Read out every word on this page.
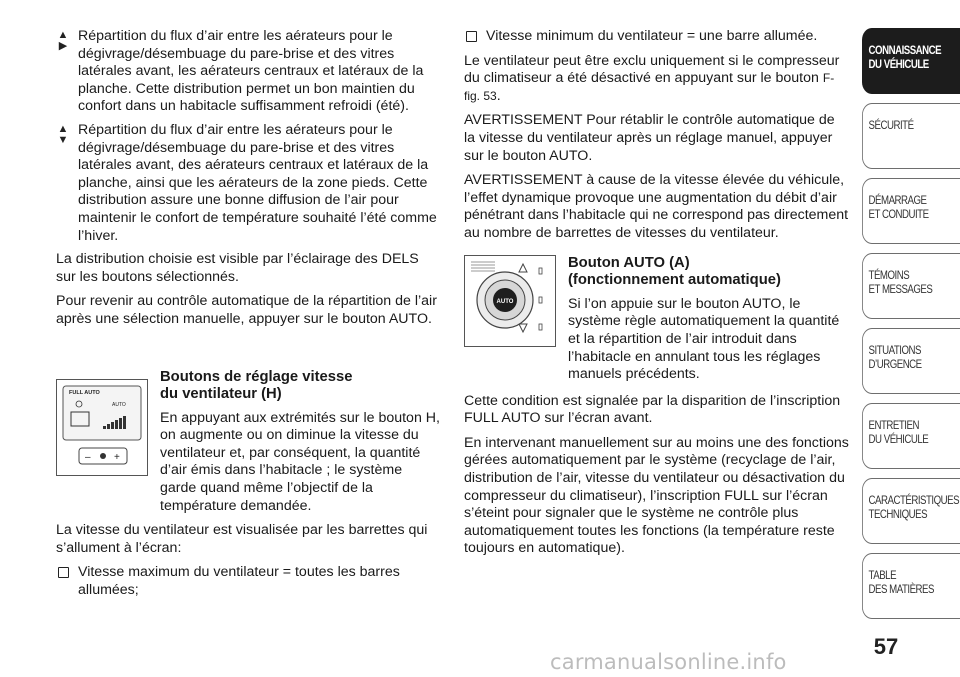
▲
▶
Répartition du flux d’air entre les aérateurs pour le dégivrage/désembuage du pare-brise et des vitres latérales avant, les aérateurs centraux et latéraux de la planche. Cette distribution permet un bon maintien du confort dans un habitacle suffisamment refroidi (été).
▲
▼
Répartition du flux d’air entre les aérateurs pour le dégivrage/désembuage du pare-brise et des vitres latérales avant, des aérateurs centraux et latéraux de la planche, ainsi que les aérateurs de la zone pieds. Cette distribution assure une bonne diffusion de l’air pour maintenir le confort de température souhaité l’été comme l’hiver.

La distribution choisie est visible par l’éclairage des DELS sur les boutons sélectionnés.

Pour revenir au contrôle automatique de la répartition de l’air après une sélection manuelle, appuyer sur le bouton AUTO.

FULL AUTO
AUTO
– +
Boutons de réglage vitesse
du ventilateur (H)

En appuyant aux extrémités sur le bouton H, on augmente ou on diminue la vitesse du ventilateur et, par conséquent, la quantité d’air émis dans l’habitacle ; le système garde quand même l’objectif de la température demandée.

La vitesse du ventilateur est visualisée par les barrettes qui s’allument à l’écran:

Vitesse maximum du ventilateur = toutes les barres allumées;
Vitesse minimum du ventilateur = une barre allumée.

Le ventilateur peut être exclu uniquement si le compresseur du climatiseur a été désactivé en appuyant sur le bouton F-fig. 53.

AVERTISSEMENT Pour rétablir le contrôle automatique de la vitesse du ventilateur après un réglage manuel, appuyer sur le bouton AUTO.

AVERTISSEMENT à cause de la vitesse élevée du véhicule, l’effet dynamique provoque une augmentation du débit d’air pénétrant dans l’habitacle qui ne correspond pas directement au nombre de barrettes de vitesses du ventilateur.

AUTO
Bouton AUTO (A)
(fonctionnement automatique)

Si l’on appuie sur le bouton AUTO, le système règle automatiquement la quantité et la répartition de l’air introduit dans l’habitacle en annulant tous les réglages manuels précédents.

Cette condition est signalée par la disparition de l’inscription FULL AUTO sur l’écran avant.

En intervenant manuellement sur au moins une des fonctions gérées automatiquement par le système (recyclage de l’air, distribution de l’air, vitesse du ventilateur ou désactivation du compresseur du climatiseur), l’inscription FULL sur l’écran s’éteint pour signaler que le système ne contrôle plus automatiquement toutes les fonctions (la température reste toujours en automatique).

CONNAISSANCE
DU VÉHICULE
SÉCURITÉ
DÉMARRAGE
ET CONDUITE
TÉMOINS
ET MESSAGES
SITUATIONS
D’URGENCE
ENTRETIEN
DU VÉHICULE
CARACTÉRISTIQUES
TECHNIQUES
TABLE
DES MATIÈRES
57
carmanualsonline.info
